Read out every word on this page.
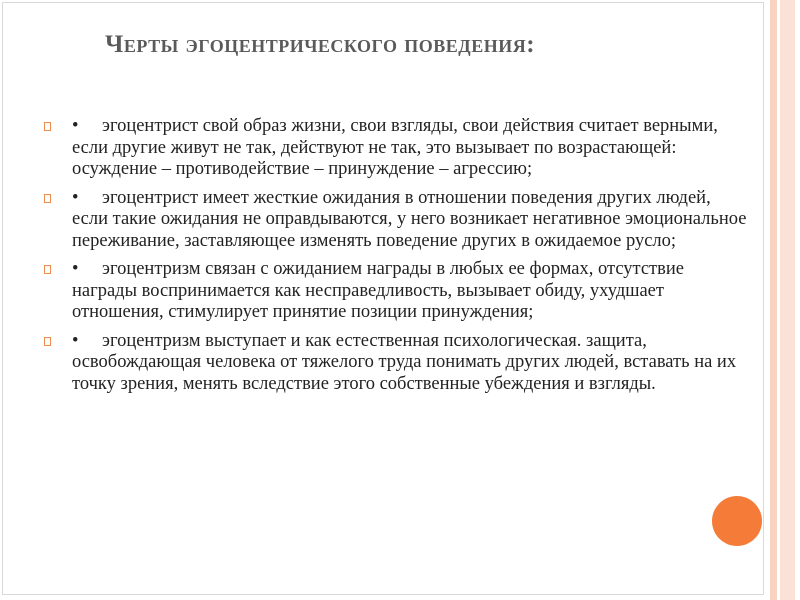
Черты эгоцентрического поведения:
• эгоцентрист свой образ жизни, свои взгляды, свои действия считает верными, если другие живут не так, действуют не так, это вызывает по возрастающей: осуждение – противодействие – принуждение – агрессию;
• эгоцентрист имеет жесткие ожидания в отношении поведения других людей, если такие ожидания не оправдываются, у него возникает негативное эмоциональное переживание, заставляющее изменять поведение других в ожидаемое русло;
• эгоцентризм связан с ожиданием награды в любых ее формах, отсутствие награды воспринимается как несправедливость, вызывает обиду, ухудшает отношения, стимулирует принятие позиции принуждения;
• эгоцентризм выступает и как естественная психологическая. защита, освобождающая человека от тяжелого труда понимать других людей, вставать на их точку зрения, менять вследствие этого собственные убеждения и взгляды.
